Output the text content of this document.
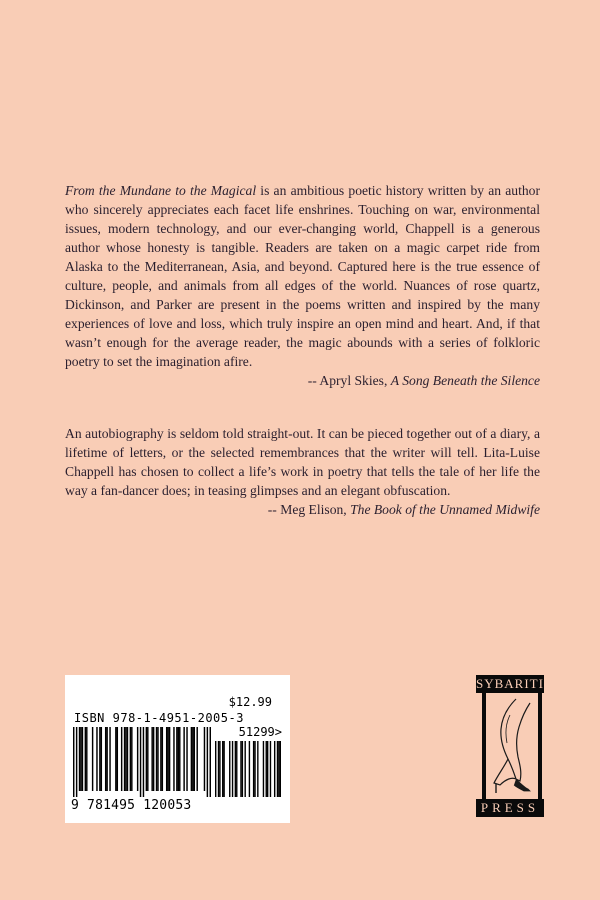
From the Mundane to the Magical is an ambitious poetic history written by an author who sincerely appreciates each facet life enshrines. Touching on war, environmental issues, modern technology, and our ever-changing world, Chappell is a generous author whose honesty is tangible. Readers are taken on a magic carpet ride from Alaska to the Mediterranean, Asia, and beyond. Captured here is the true essence of culture, people, and animals from all edges of the world. Nuances of rose quartz, Dickinson, and Parker are present in the poems written and inspired by the many experiences of love and loss, which truly inspire an open mind and heart. And, if that wasn’t enough for the average reader, the magic abounds with a series of folkloric poetry to set the imagination afire.

-- Apryl Skies, A Song Beneath the Silence

An autobiography is seldom told straight-out. It can be pieced together out of a diary, a lifetime of letters, or the selected remembrances that the writer will tell. Lita-Luise Chappell has chosen to collect a life’s work in poetry that tells the tale of her life the way a fan-dancer does; in teasing glimpses and an elegant obfuscation.

-- Meg Elison, The Book of the Unnamed Midwife
$12.99
ISBN 978-1-4951-2005-3
51299>
9 781495 120053
SYBARITIC
PRESS
